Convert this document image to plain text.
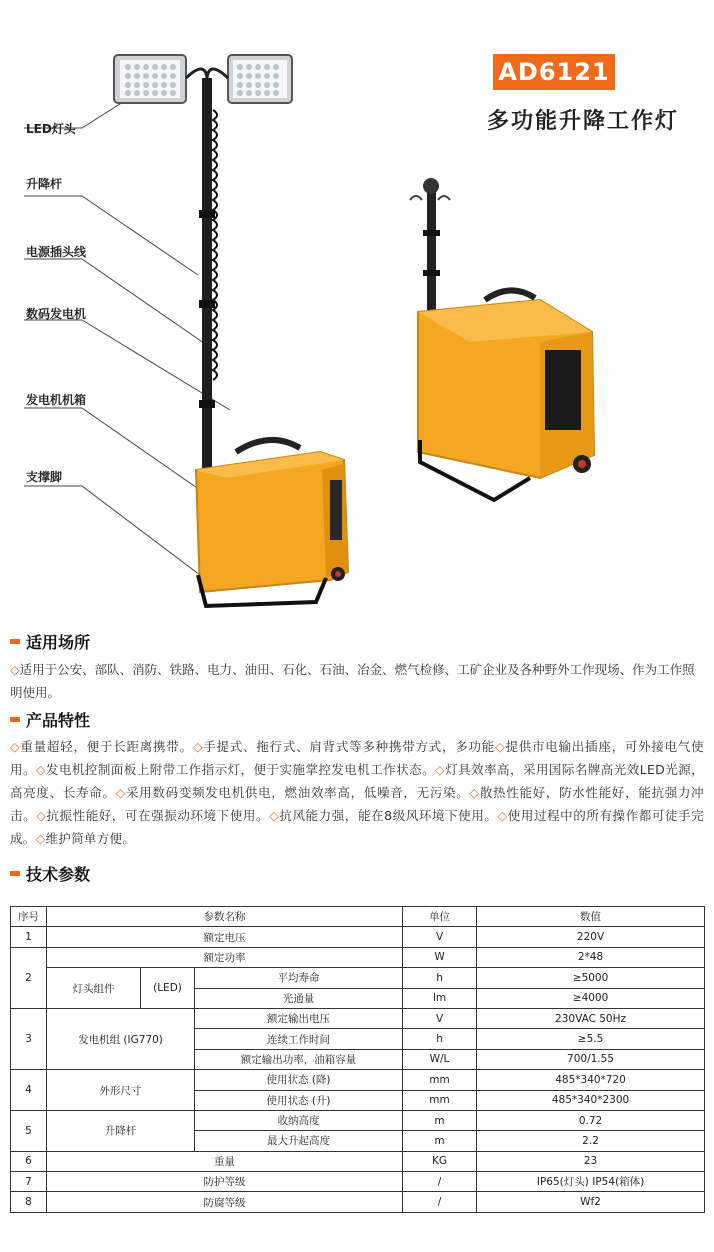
AD6121
多功能升降工作灯
LED灯头
升降杆
电源插头线
数码发电机
发电机机箱
支撑脚
适用场所
◇适用于公安、部队、消防、铁路、电力、油田、石化、石油、冶金、燃气检修、工矿企业及各种野外工作现场、作为工作照明使用。
产品特性
◇重量超轻，便于长距离携带。◇手提式、拖行式、肩背式等多种携带方式，多功能◇提供市电输出插座，可外接电气使用。◇发电机控制面板上附带工作指示灯，便于实施掌控发电机工作状态。◇灯具效率高，采用国际名牌高光效LED光源，高亮度、长寿命。◇采用数码变频发电机供电，燃油效率高，低噪音，无污染。◇散热性能好，防水性能好，能抗强力冲击。◇抗振性能好，可在强振动环境下使用。◇抗风能力强，能在8级风环境下使用。◇使用过程中的所有操作都可徒手完成。◇维护简单方便。
技术参数
序号	参数名称			单位	数值
1	额定电压			V	220V
2	额定功率			W	2*48
	灯头组件	(LED)	平均寿命	h	≥5000
			光通量	lm	≥4000
3	发电机组 (IG770)		额定输出电压	V	230VAC 50Hz
			连续工作时间	h	≥5.5
			额定输出功率，油箱容量	W/L	700/1.55
4	外形尺寸		使用状态 (降)	mm	485*340*720
			使用状态 (升)	mm	485*340*2300
5	升降杆		收纳高度	m	0.72
			最大升起高度	m	2.2
6	重量			KG	23
7	防护等级			/	IP65(灯头) IP54(箱体)
8	防腐等级			/	Wf2
